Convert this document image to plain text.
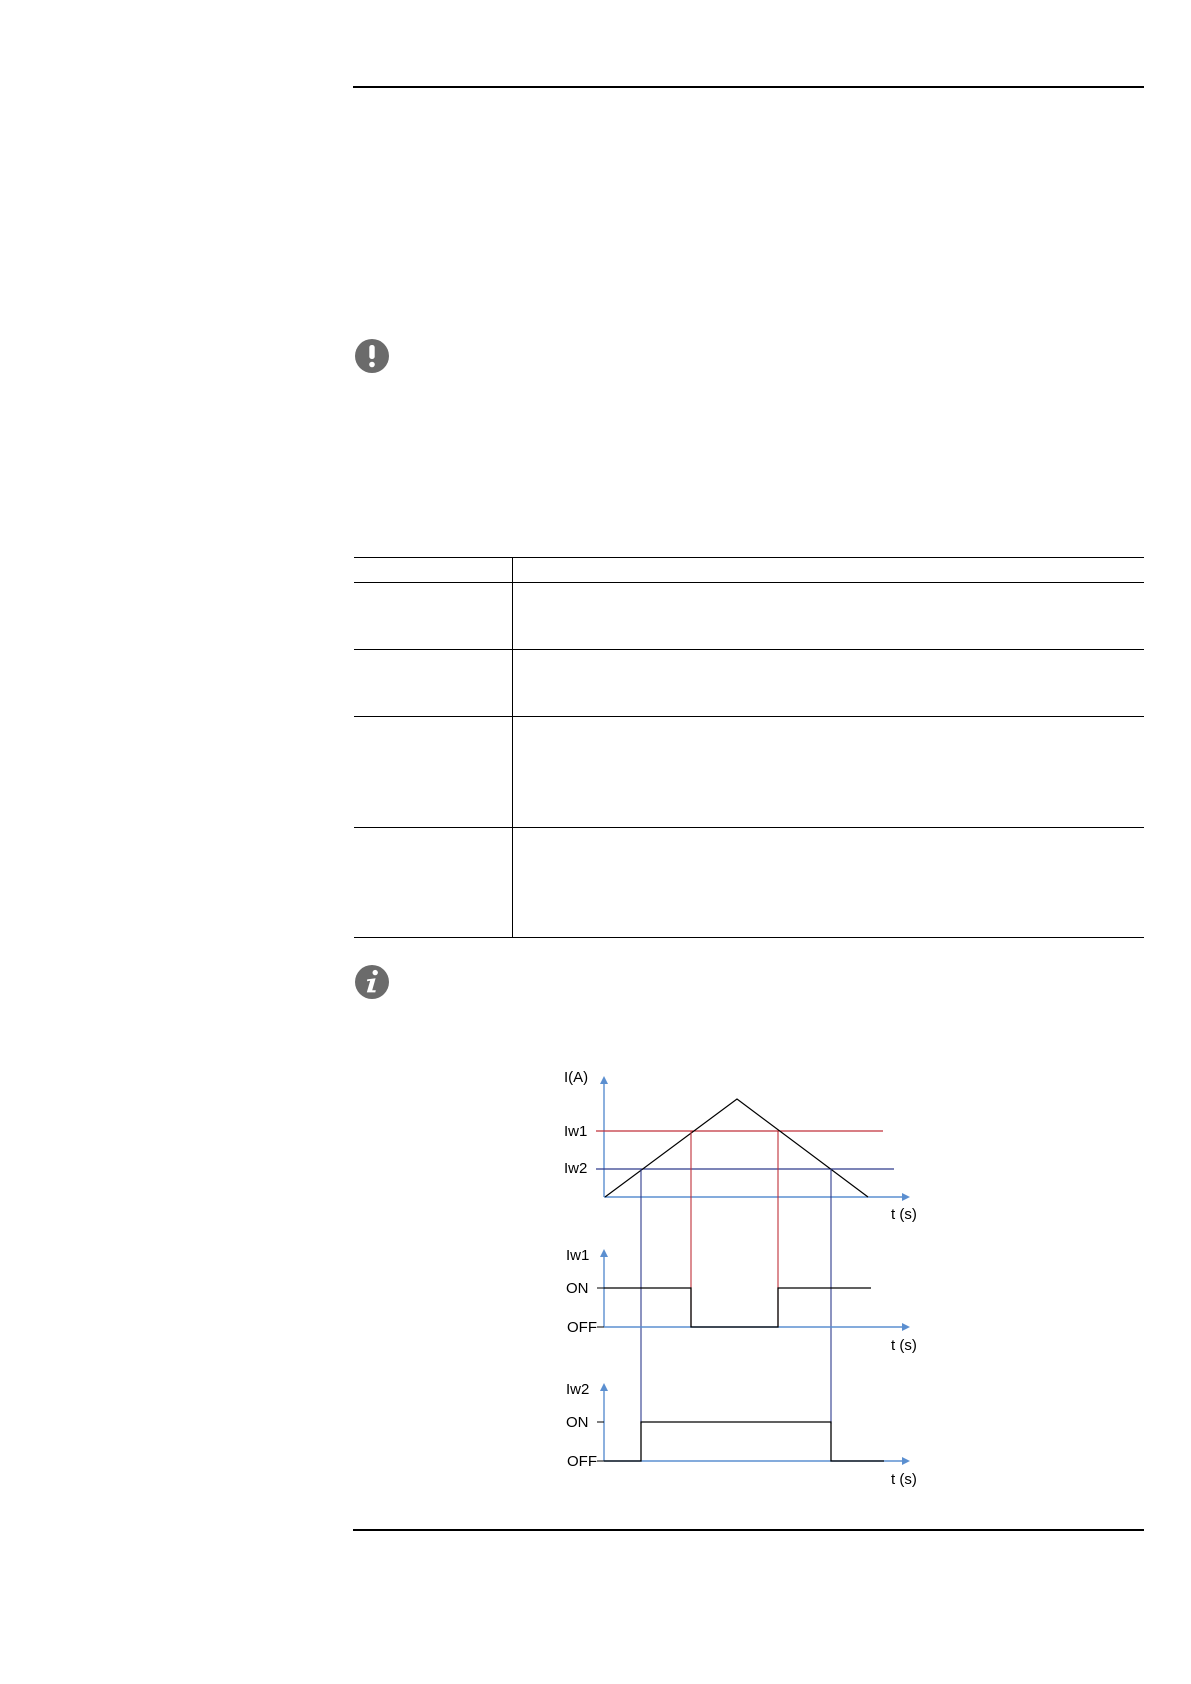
I(A)
Iw1
Iw2
t (s)
Iw1
ON
OFF
t (s)
Iw2
ON
OFF
t (s)
